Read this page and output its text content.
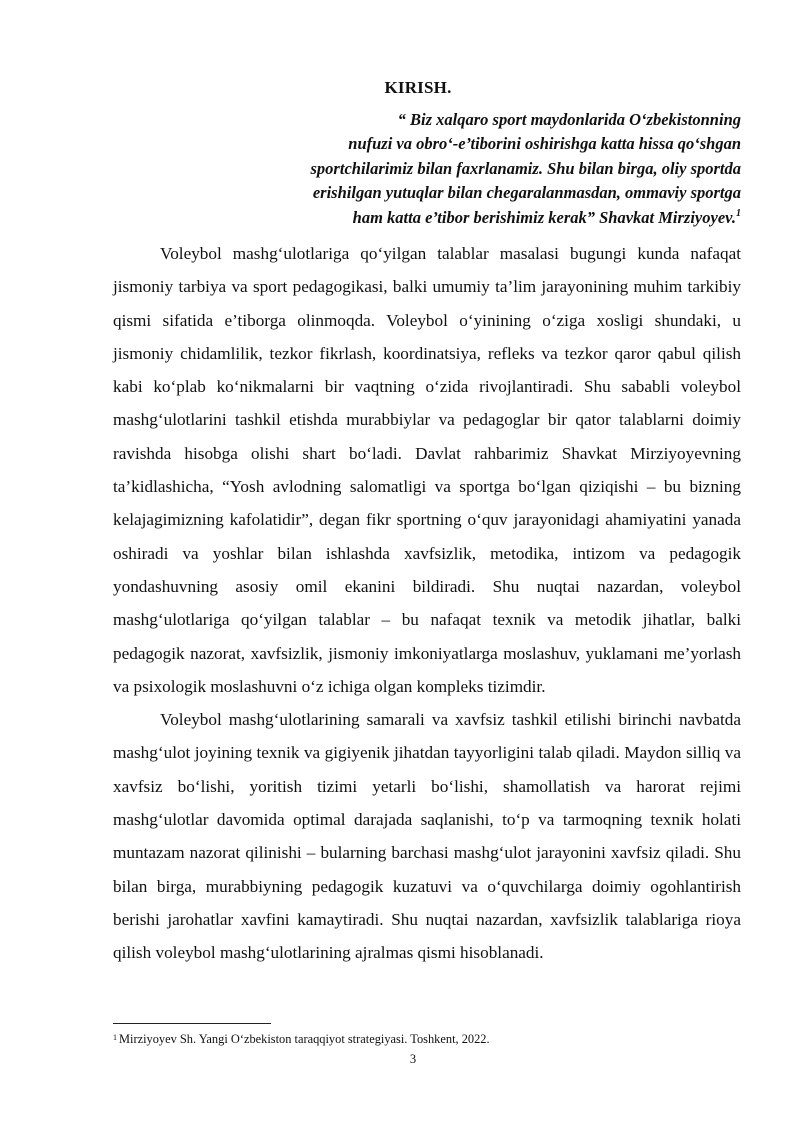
KIRISH.
“ Biz xalqaro sport maydonlarida O‘zbekistonning
nufuzi va obro‘-e’tiborini oshirishga katta hissa qo‘shgan
sportchilarimiz bilan faxrlanamiz. Shu bilan birga, oliy sportda
erishilgan yutuqlar bilan chegaralanmasdan, ommaviy sportga
ham katta e’tibor berishimiz kerak” Shavkat Mirziyoyev.$^1$

Voleybol mashg‘ulotlariga qo‘yilgan talablar masalasi bugungi kunda nafaqat jismoniy tarbiya va sport pedagogikasi, balki umumiy ta’lim jarayonining muhim tarkibiy qismi sifatida e’tiborga olinmoqda. Voleybol o‘yinining o‘ziga xosligi shundaki, u jismoniy chidamlilik, tezkor fikrlash, koordinatsiya, refleks va tezkor qaror qabul qilish kabi ko‘plab ko‘nikmalarni bir vaqtning o‘zida rivojlantiradi. Shu sababli voleybol mashg‘ulotlarini tashkil etishda murabbiylar va pedagoglar bir qator talablarni doimiy ravishda hisobga olishi shart bo‘ladi. Davlat rahbarimiz Shavkat Mirziyoyevning ta’kidlashicha, “Yosh avlodning salomatligi va sportga bo‘lgan qiziqishi – bu bizning kelajagimizning kafolatidir”, degan fikr sportning o‘quv jarayonidagi ahamiyatini yanada oshiradi va yoshlar bilan ishlashda xavfsizlik, metodika, intizom va pedagogik yondashuvning asosiy omil ekanini bildiradi. Shu nuqtai nazardan, voleybol mashg‘ulotlariga qo‘yilgan talablar – bu nafaqat texnik va metodik jihatlar, balki pedagogik nazorat, xavfsizlik, jismoniy imkoniyatlarga moslashuv, yuklamani me’yorlash va psixologik moslashuvni o‘z ichiga olgan kompleks tizimdir.

Voleybol mashg‘ulotlarining samarali va xavfsiz tashkil etilishi birinchi navbatda mashg‘ulot joyining texnik va gigiyenik jihatdan tayyorligini talab qiladi. Maydon silliq va xavfsiz bo‘lishi, yoritish tizimi yetarli bo‘lishi, shamollatish va harorat rejimi mashg‘ulotlar davomida optimal darajada saqlanishi, to‘p va tarmoqning texnik holati muntazam nazorat qilinishi – bularning barchasi mashg‘ulot jarayonini xavfsiz qiladi. Shu bilan birga, murabbiyning pedagogik kuzatuvi va o‘quvchilarga doimiy ogohlantirish berishi jarohatlar xavfini kamaytiradi. Shu nuqtai nazardan, xavfsizlik talablariga rioya qilish voleybol mashg‘ulotlarining ajralmas qismi hisoblanadi.

$^1$ Mirziyoyev Sh. Yangi O‘zbekiston taraqqiyot strategiyasi. Toshkent, 2022.
3
